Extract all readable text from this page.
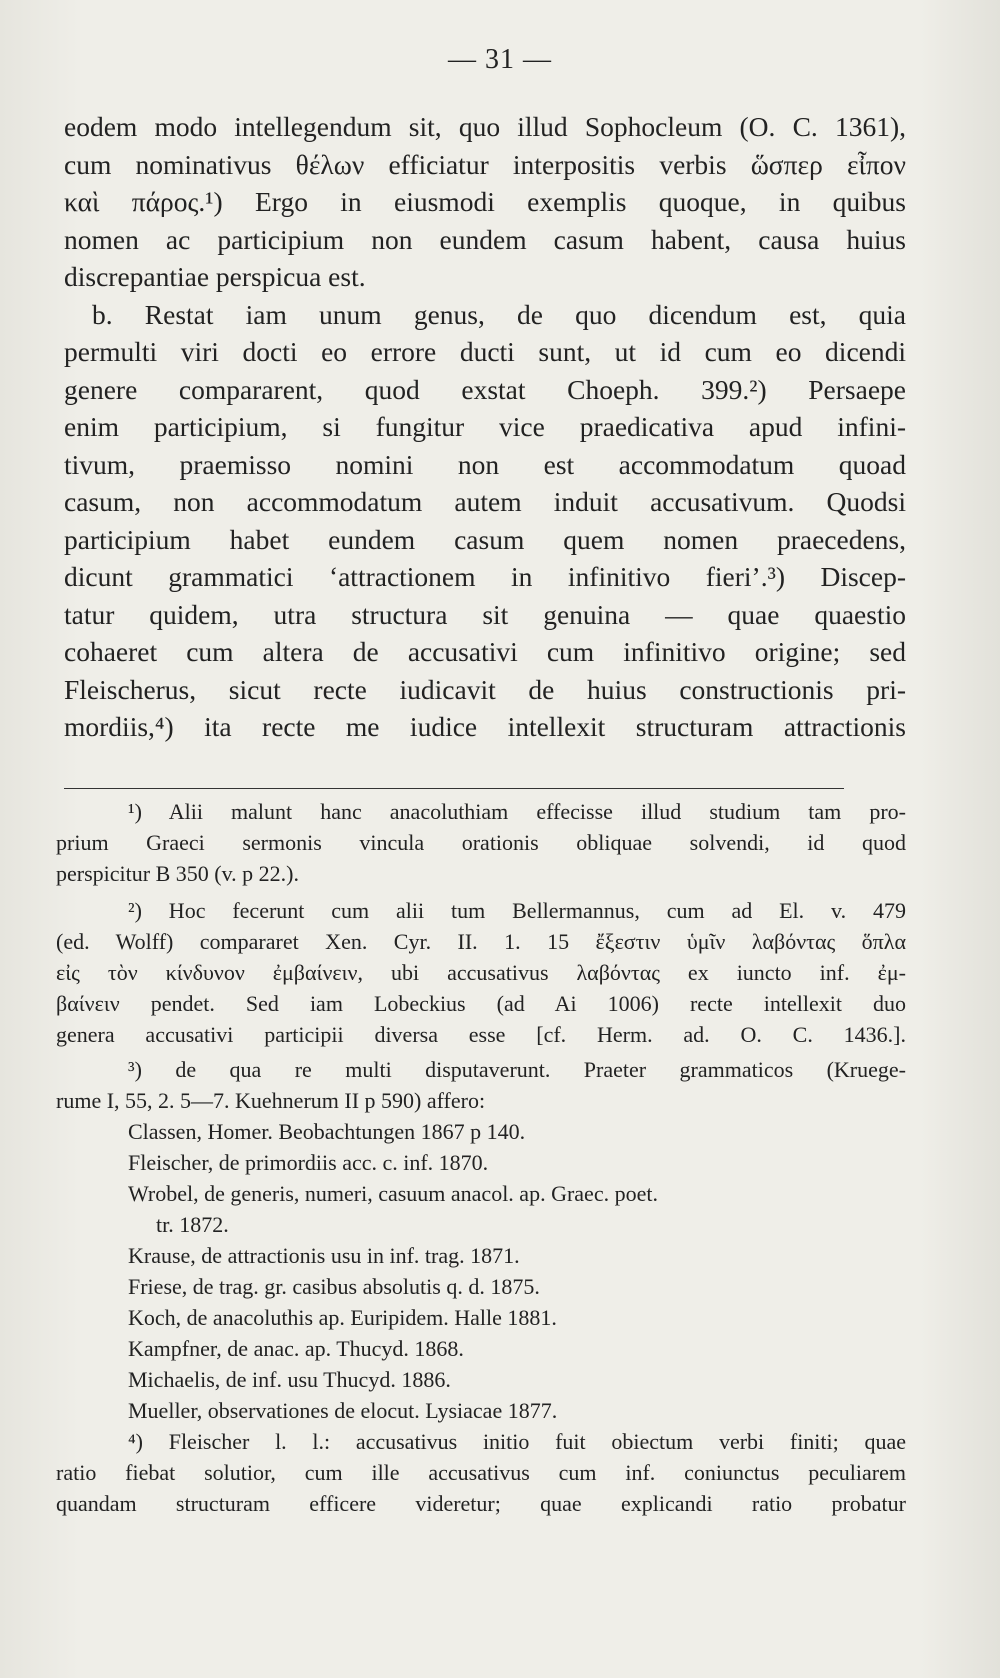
— 31 —
eodem modo intellegendum sit, quo illud Sophocleum (O. C. 1361),
cum nominativus θέλων efficiatur interpositis verbis ὥσπερ εἶπον
καὶ πάρος.¹) Ergo in eiusmodi exemplis quoque, in quibus
nomen ac participium non eundem casum habent, causa huius
discrepantiae perspicua est.
b. Restat iam unum genus, de quo dicendum est, quia
permulti viri docti eo errore ducti sunt, ut id cum eo dicendi
genere compararent, quod exstat Choeph. 399.²) Persaepe
enim participium, si fungitur vice praedicativa apud infini-
tivum, praemisso nomini non est accommodatum quoad
casum, non accommodatum autem induit accusativum. Quodsi
participium habet eundem casum quem nomen praecedens,
dicunt grammatici ‘attractionem in infinitivo fieri’.³) Discep-
tatur quidem, utra structura sit genuina — quae quaestio
cohaeret cum altera de accusativi cum infinitivo origine; sed
Fleischerus, sicut recte iudicavit de huius constructionis pri-
mordiis,⁴) ita recte me iudice intellexit structuram attractionis
¹) Alii malunt hanc anacoluthiam effecisse illud studium tam pro-
prium Graeci sermonis vincula orationis obliquae solvendi, id quod
perspicitur B 350 (v. p 22.).
²) Hoc fecerunt cum alii tum Bellermannus, cum ad El. v. 479
(ed. Wolff) compararet Xen. Cyr. II. 1. 15 ἔξεστιν ὑμῖν λαβόντας ὅπλα
εἰς τὸν κίνδυνον ἐμβαίνειν, ubi accusativus λαβόντας ex iuncto inf. ἐμ-
βαίνειν pendet. Sed iam Lobeckius (ad Ai 1006) recte intellexit duo
genera accusativi participii diversa esse [cf. Herm. ad. O. C. 1436.].
³) de qua re multi disputaverunt. Praeter grammaticos (Kruege-
rume I, 55, 2. 5—7. Kuehnerum II p 590) affero:
Classen, Homer. Beobachtungen 1867 p 140.
Fleischer, de primordiis acc. c. inf. 1870.
Wrobel, de generis, numeri, casuum anacol. ap. Graec. poet.
tr. 1872.
Krause, de attractionis usu in inf. trag. 1871.
Friese, de trag. gr. casibus absolutis q. d. 1875.
Koch, de anacoluthis ap. Euripidem. Halle 1881.
Kampfner, de anac. ap. Thucyd. 1868.
Michaelis, de inf. usu Thucyd. 1886.
Mueller, observationes de elocut. Lysiacae 1877.
⁴) Fleischer l. l.: accusativus initio fuit obiectum verbi finiti; quae
ratio fiebat solutior, cum ille accusativus cum inf. coniunctus peculiarem
quandam structuram efficere videretur; quae explicandi ratio probatur
